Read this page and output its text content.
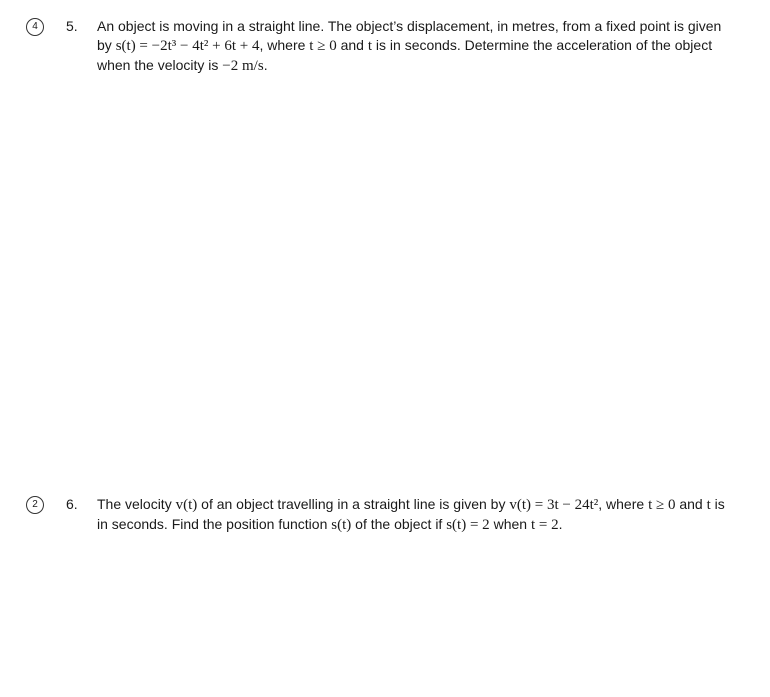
4	5. An object is moving in a straight line. The object’s displacement, in metres, from a fixed point is given by s(t) = −2t³ − 4t² + 6t + 4, where t ≥ 0 and t is in seconds. Determine the acceleration of the object when the velocity is −2 m/s.
2	6. The velocity v(t) of an object travelling in a straight line is given by v(t) = 3t − 24t², where t ≥ 0 and t is in seconds. Find the position function s(t) of the object if s(t) = 2 when t = 2.
